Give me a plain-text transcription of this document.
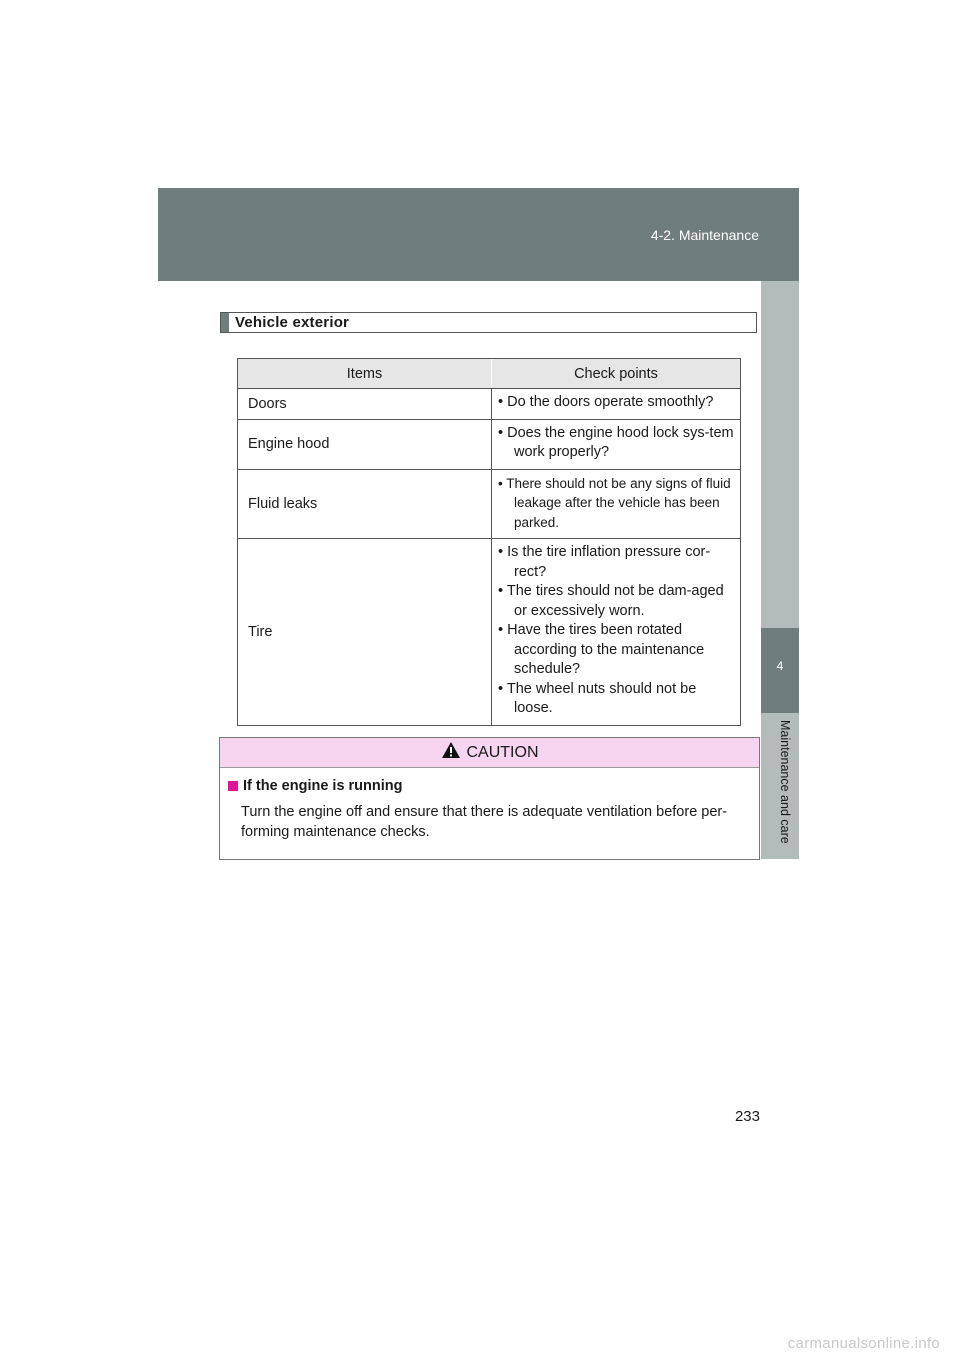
4-2. Maintenance
4
Maintenance and care
Vehicle exterior
Items	Check points
Doors	• Do the doors operate smoothly?

Engine hood	• Does the engine hood lock sys-tem work properly?

Fluid leaks	• There should not be any signs of fluid leakage after the vehicle has been parked.

Tire	• Is the tire inflation pressure cor-rect?
• The tires should not be dam-aged or excessively worn.
• Have the tires been rotated according to the maintenance schedule?
• The wheel nuts should not be loose.
CAUTION
If the engine is running
Turn the engine off and ensure that there is adequate ventilation before per-forming maintenance checks.
233
carmanualsonline.info
